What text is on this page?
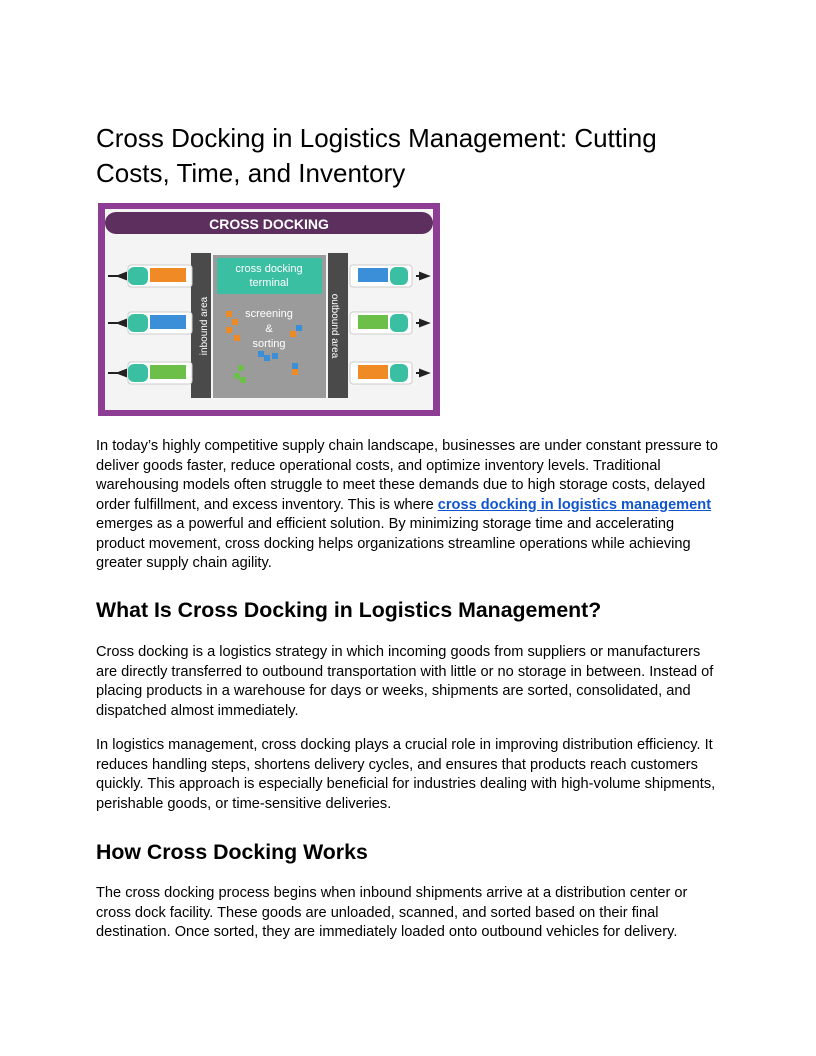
Cross Docking in Logistics Management: Cutting Costs, Time, and Inventory
CROSS DOCKING
inbound area	outbound area
cross docking
terminal
screening
&
sorting

In today’s highly competitive supply chain landscape, businesses are under constant pressure to deliver goods faster, reduce operational costs, and optimize inventory levels. Traditional warehousing models often struggle to meet these demands due to high storage costs, delayed order fulfillment, and excess inventory. This is where cross docking in logistics management emerges as a powerful and efficient solution. By minimizing storage time and accelerating product movement, cross docking helps organizations streamline operations while achieving greater supply chain agility.

What Is Cross Docking in Logistics Management?

Cross docking is a logistics strategy in which incoming goods from suppliers or manufacturers are directly transferred to outbound transportation with little or no storage in between. Instead of placing products in a warehouse for days or weeks, shipments are sorted, consolidated, and dispatched almost immediately.

In logistics management, cross docking plays a crucial role in improving distribution efficiency. It reduces handling steps, shortens delivery cycles, and ensures that products reach customers quickly. This approach is especially beneficial for industries dealing with high-volume shipments, perishable goods, or time-sensitive deliveries.

How Cross Docking Works

The cross docking process begins when inbound shipments arrive at a distribution center or cross dock facility. These goods are unloaded, scanned, and sorted based on their final destination. Once sorted, they are immediately loaded onto outbound vehicles for delivery.
